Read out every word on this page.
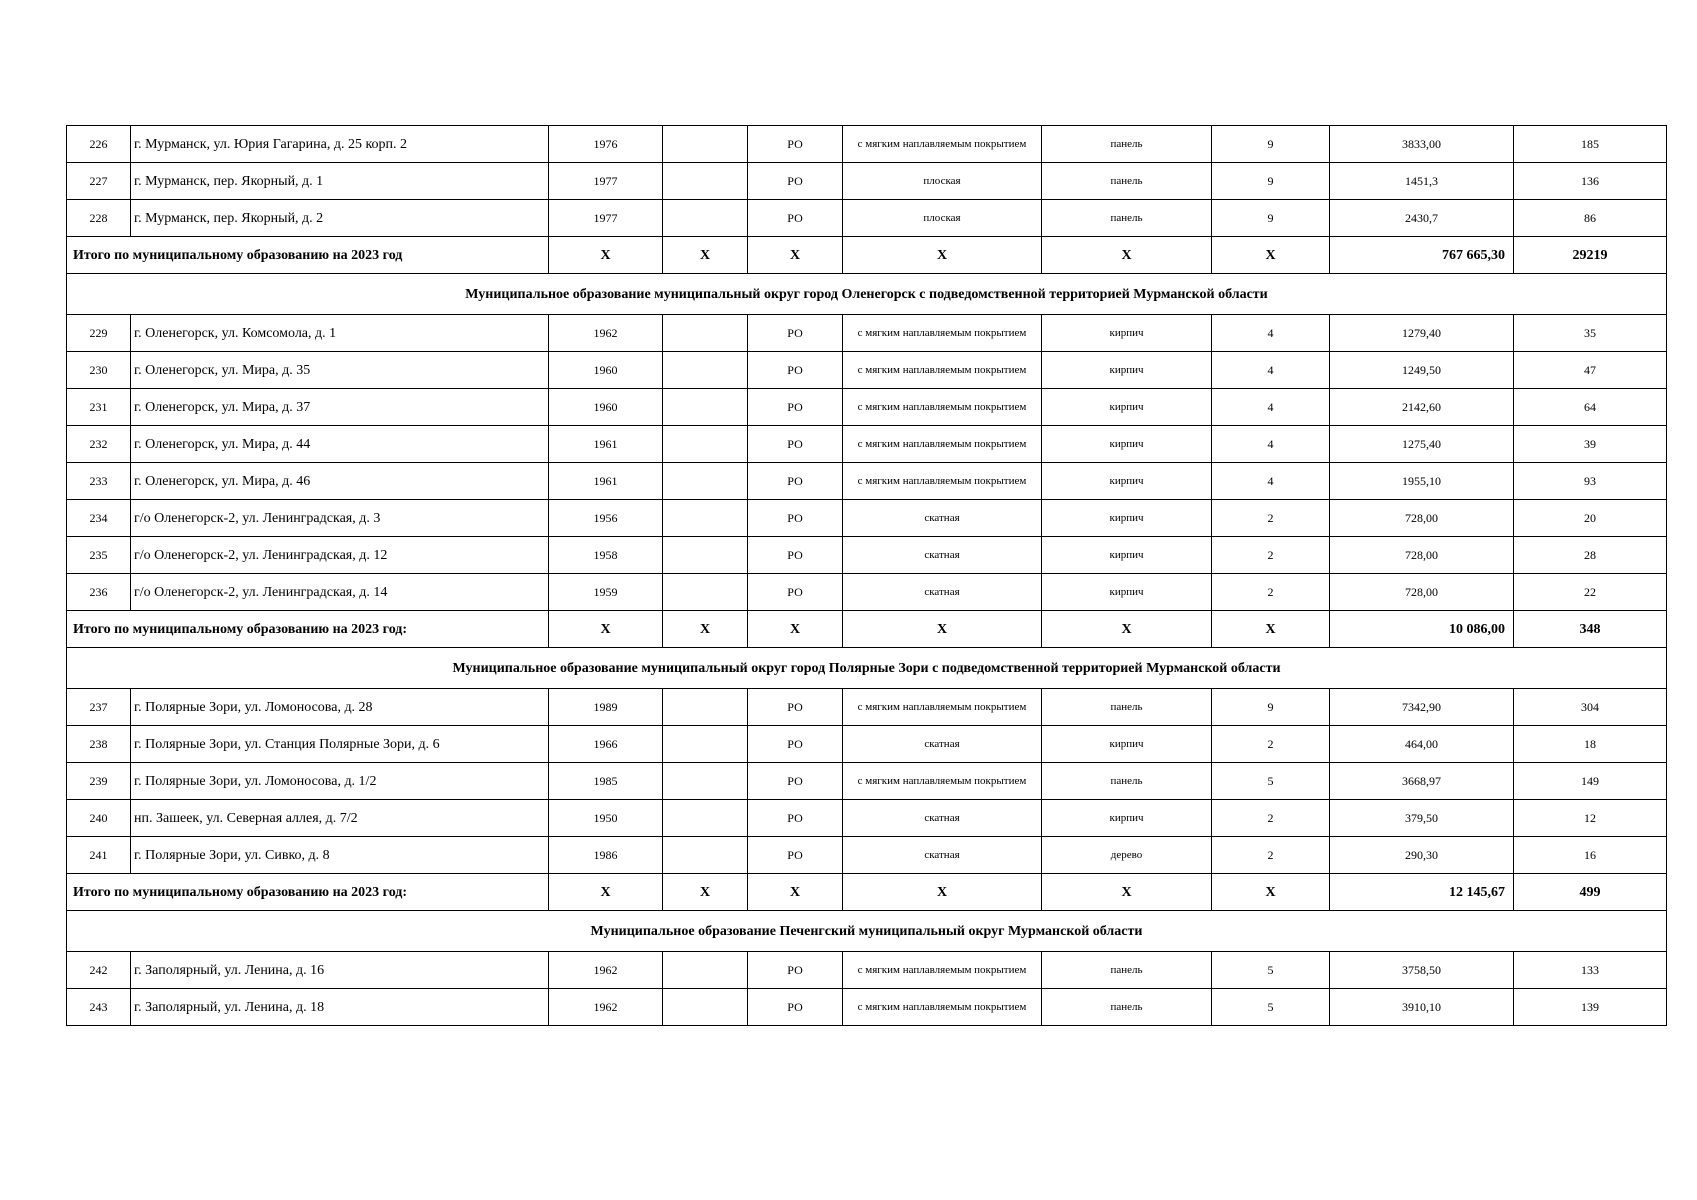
226	г. Мурманск, ул. Юрия Гагарина, д. 25 корп. 2	1976		РО	с мягким наплавляемым покрытием	панель	9	3833,00	185
227	г. Мурманск, пер. Якорный, д. 1	1977		РО	плоская	панель	9	1451,3	136
228	г. Мурманск, пер. Якорный, д. 2	1977		РО	плоская	панель	9	2430,7	86
Итого по муниципальному образованию на 2023 год		X	X	X	X	X	X	767 665,30	29219
Муниципальное образование муниципальный округ город Оленегорск с подведомственной территорией Мурманской области									
229	г. Оленегорск, ул. Комсомола, д. 1	1962		РО	с мягким наплавляемым покрытием	кирпич	4	1279,40	35
230	г. Оленегорск, ул. Мира, д. 35	1960		РО	с мягким наплавляемым покрытием	кирпич	4	1249,50	47
231	г. Оленегорск, ул. Мира, д. 37	1960		РО	с мягким наплавляемым покрытием	кирпич	4	2142,60	64
232	г. Оленегорск, ул. Мира, д. 44	1961		РО	с мягким наплавляемым покрытием	кирпич	4	1275,40	39
233	г. Оленегорск, ул. Мира, д. 46	1961		РО	с мягким наплавляемым покрытием	кирпич	4	1955,10	93
234	г/о Оленегорск-2, ул. Ленинградская, д. 3	1956		РО	скатная	кирпич	2	728,00	20
235	г/о Оленегорск-2, ул. Ленинградская, д. 12	1958		РО	скатная	кирпич	2	728,00	28
236	г/о Оленегорск-2, ул. Ленинградская, д. 14	1959		РО	скатная	кирпич	2	728,00	22
Итого по муниципальному образованию на 2023 год:		X	X	X	X	X	X	10 086,00	348
Муниципальное образование муниципальный округ город Полярные Зори с подведомственной территорией Мурманской области									
237	г. Полярные Зори, ул. Ломоносова, д. 28	1989		РО	с мягким наплавляемым покрытием	панель	9	7342,90	304
238	г. Полярные Зори, ул. Станция Полярные Зори, д. 6	1966		РО	скатная	кирпич	2	464,00	18
239	г. Полярные Зори, ул. Ломоносова, д. 1/2	1985		РО	с мягким наплавляемым покрытием	панель	5	3668,97	149
240	нп. Зашеек, ул. Северная аллея, д. 7/2	1950		РО	скатная	кирпич	2	379,50	12
241	г. Полярные Зори, ул. Сивко, д. 8	1986		РО	скатная	дерево	2	290,30	16
Итого по муниципальному образованию на 2023 год:		X	X	X	X	X	X	12 145,67	499
Муниципальное образование Печенгский муниципальный округ Мурманской области									
242	г. Заполярный, ул. Ленина, д. 16	1962		РО	с мягким наплавляемым покрытием	панель	5	3758,50	133
243	г. Заполярный, ул. Ленина, д. 18	1962		РО	с мягким наплавляемым покрытием	панель	5	3910,10	139
